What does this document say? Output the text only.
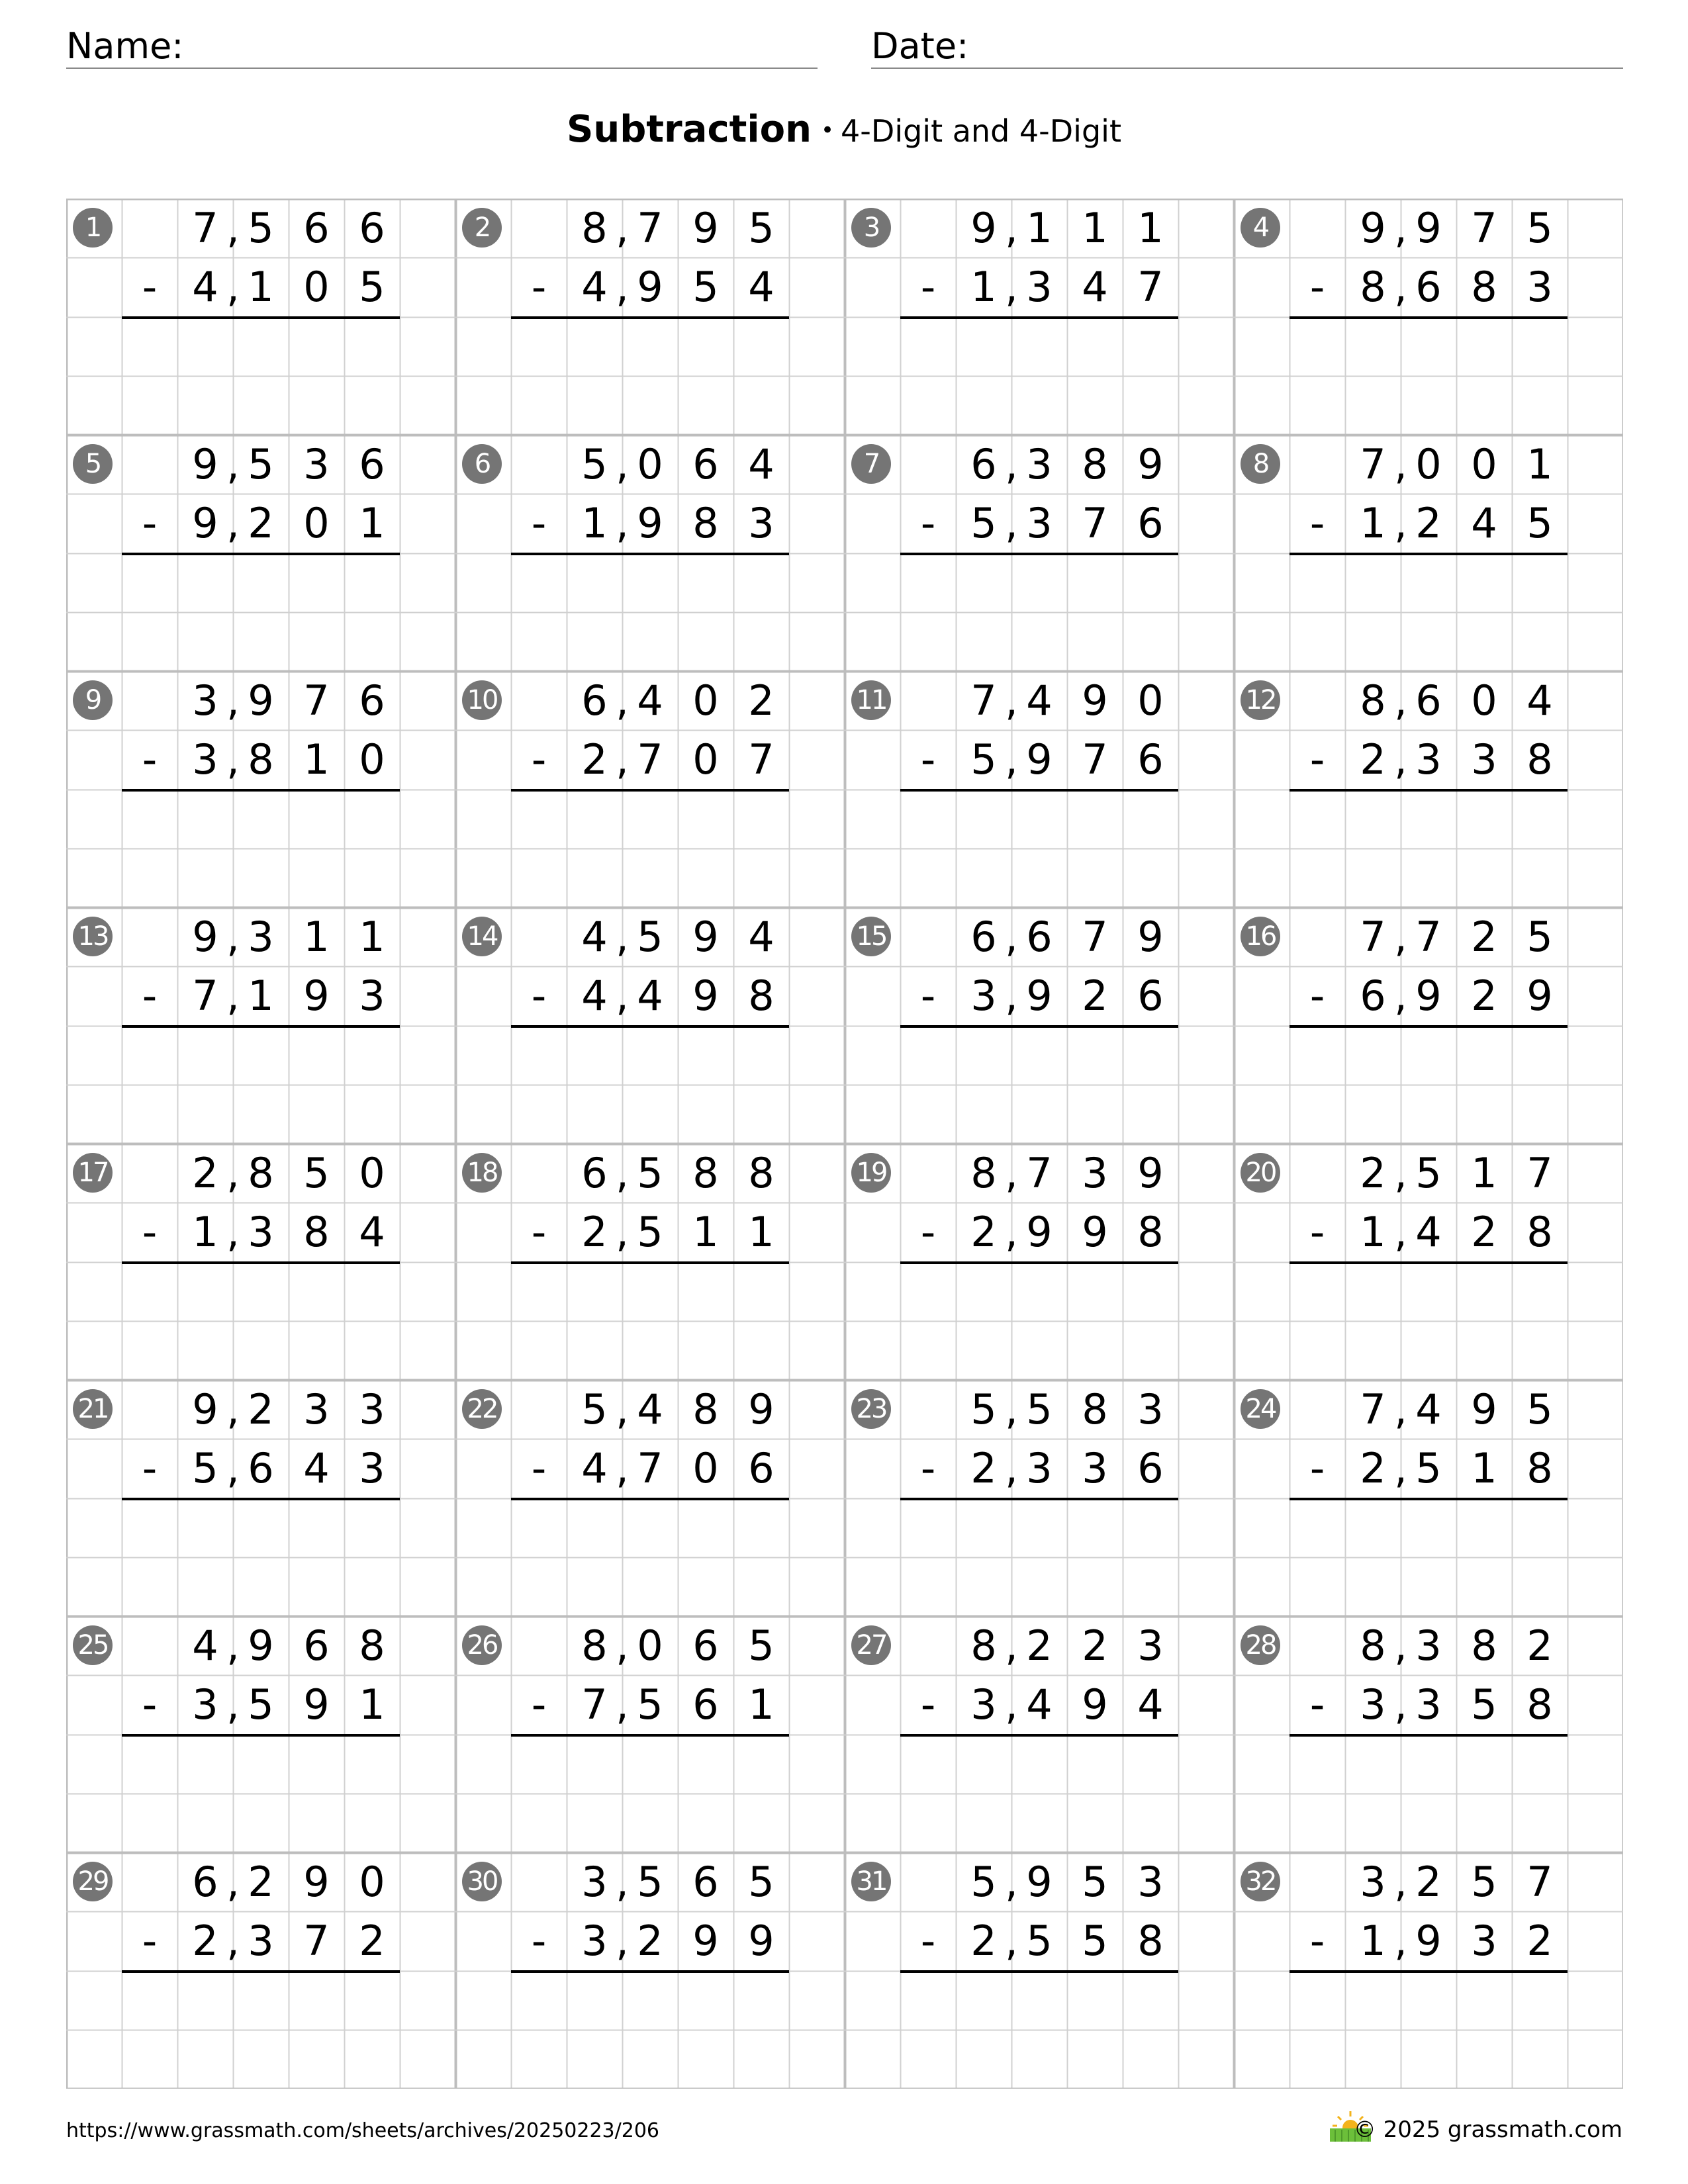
Name:	Date:
Subtraction • 4-Digit and 4-Digit
1	7 5 6 6
,
4 1 0 5
,
-
2	8 7 9 5
,
4 9 5 4
,
-
3	9 1 1 1
,
1 3 4 7
,
-
4	9 9 7 5
,
8 6 8 3
,
-
5	9 5 3 6
,
9 2 0 1
,
-
6	5 0 6 4
,
1 9 8 3
,
-
7	6 3 8 9
,
5 3 7 6
,
-
8	7 0 0 1
,
1 2 4 5
,
-
9	3 9 7 6
,
3 8 1 0
,
-
10	6 4 0 2
,
2 7 0 7
,
-
11	7 4 9 0
,
5 9 7 6
,
-
12	8 6 0 4
,
2 3 3 8
,
-
13	9 3 1 1
,
7 1 9 3
,
-
14	4 5 9 4
,
4 4 9 8
,
-
15	6 6 7 9
,
3 9 2 6
,
-
16	7 7 2 5
,
6 9 2 9
,
-
17	2 8 5 0
,
1 3 8 4
,
-
18	6 5 8 8
,
2 5 1 1
,
-
19	8 7 3 9
,
2 9 9 8
,
-
20	2 5 1 7
,
1 4 2 8
,
-
21	9 2 3 3
,
5 6 4 3
,
-
22	5 4 8 9
,
4 7 0 6
,
-
23	5 5 8 3
,
2 3 3 6
,
-
24	7 4 9 5
,
2 5 1 8
,
-
25	4 9 6 8
,
3 5 9 1
,
-
26	8 0 6 5
,
7 5 6 1
,
-
27	8 2 2 3
,
3 4 9 4
,
-
28	8 3 8 2
,
3 3 5 8
,
-
29	6 2 9 0
,
2 3 7 2
,
-
30	3 5 6 5
,
3 2 9 9
,
-
31	5 9 5 3
,
2 5 5 8
,
-
32	3 2 5 7
,
1 9 3 2
,
-
https://www.grassmath.com/sheets/archives/20250223/206	© 2025 grassmath.com
